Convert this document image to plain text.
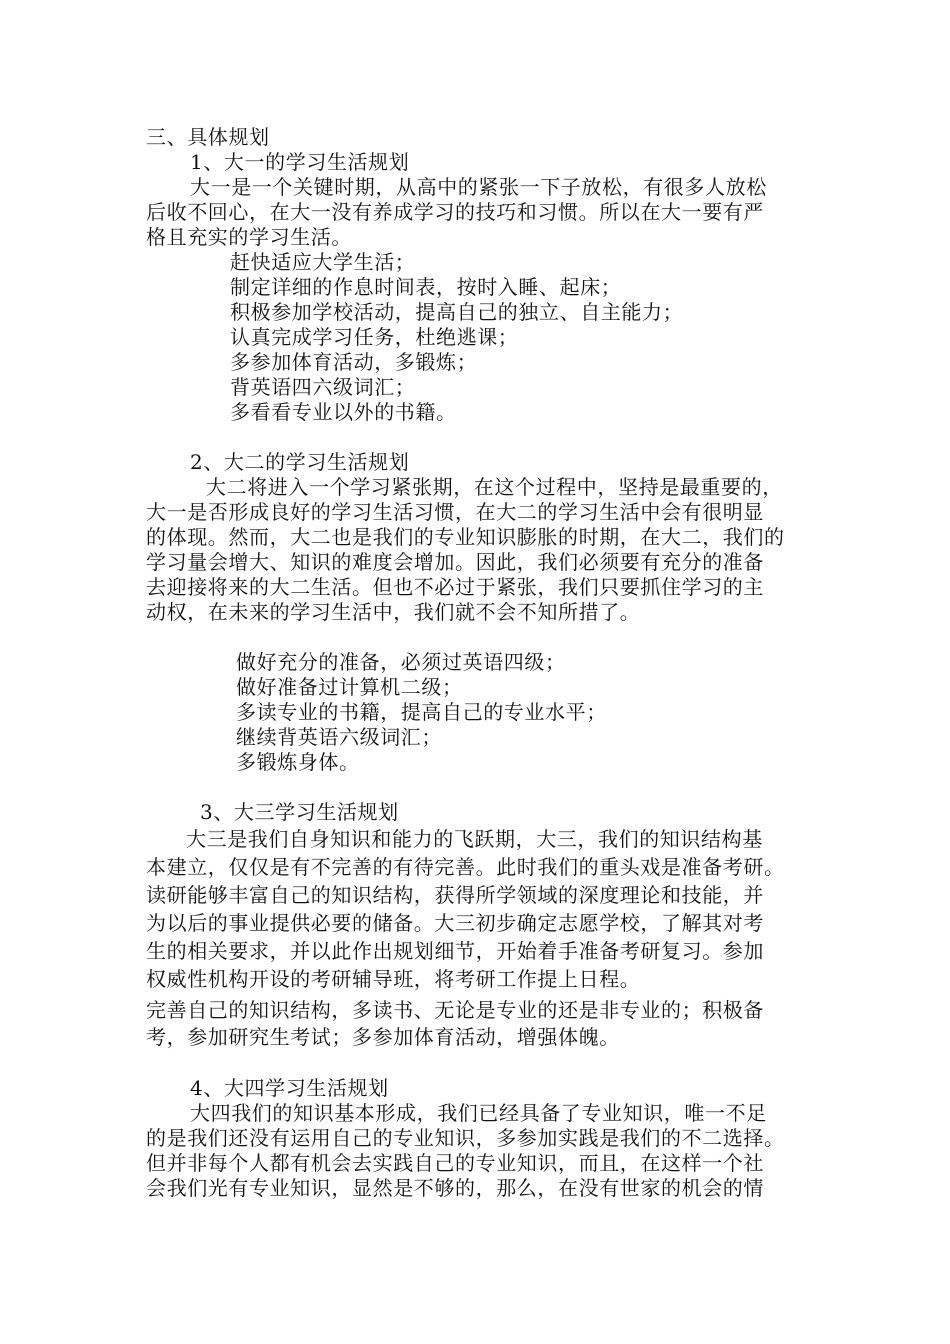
三、具体规划
1、大一的学习生活规划
大一是一个关键时期，从高中的紧张一下子放松，有很多人放松
后收不回心，在大一没有养成学习的技巧和习惯。所以在大一要有严
格且充实的学习生活。
赶快适应大学生活；
制定详细的作息时间表，按时入睡、起床；
积极参加学校活动，提高自己的独立、自主能力；
认真完成学习任务，杜绝逃课；
多参加体育活动，多锻炼；
背英语四六级词汇；
多看看专业以外的书籍。
2、大二的学习生活规划
大二将进入一个学习紧张期，在这个过程中，坚持是最重要的，
大一是否形成良好的学习生活习惯，在大二的学习生活中会有很明显
的体现。然而，大二也是我们的专业知识膨胀的时期，在大二，我们的
学习量会增大、知识的难度会增加。因此，我们必须要有充分的准备
去迎接将来的大二生活。但也不必过于紧张，我们只要抓住学习的主
动权，在未来的学习生活中，我们就不会不知所措了。
做好充分的准备，必须过英语四级；
做好准备过计算机二级；
多读专业的书籍，提高自己的专业水平；
继续背英语六级词汇；
多锻炼身体。
3、大三学习生活规划
大三是我们自身知识和能力的飞跃期，大三，我们的知识结构基
本建立，仅仅是有不完善的有待完善。此时我们的重头戏是准备考研。
读研能够丰富自己的知识结构，获得所学领域的深度理论和技能，并
为以后的事业提供必要的储备。大三初步确定志愿学校，了解其对考
生的相关要求，并以此作出规划细节，开始着手准备考研复习。参加
权威性机构开设的考研辅导班，将考研工作提上日程。
完善自己的知识结构，多读书、无论是专业的还是非专业的；积极备
考，参加研究生考试；多参加体育活动，增强体魄。
4、大四学习生活规划
大四我们的知识基本形成，我们已经具备了专业知识，唯一不足
的是我们还没有运用自己的专业知识，多参加实践是我们的不二选择。
但并非每个人都有机会去实践自己的专业知识，而且，在这样一个社
会我们光有专业知识，显然是不够的，那么，在没有世家的机会的情
